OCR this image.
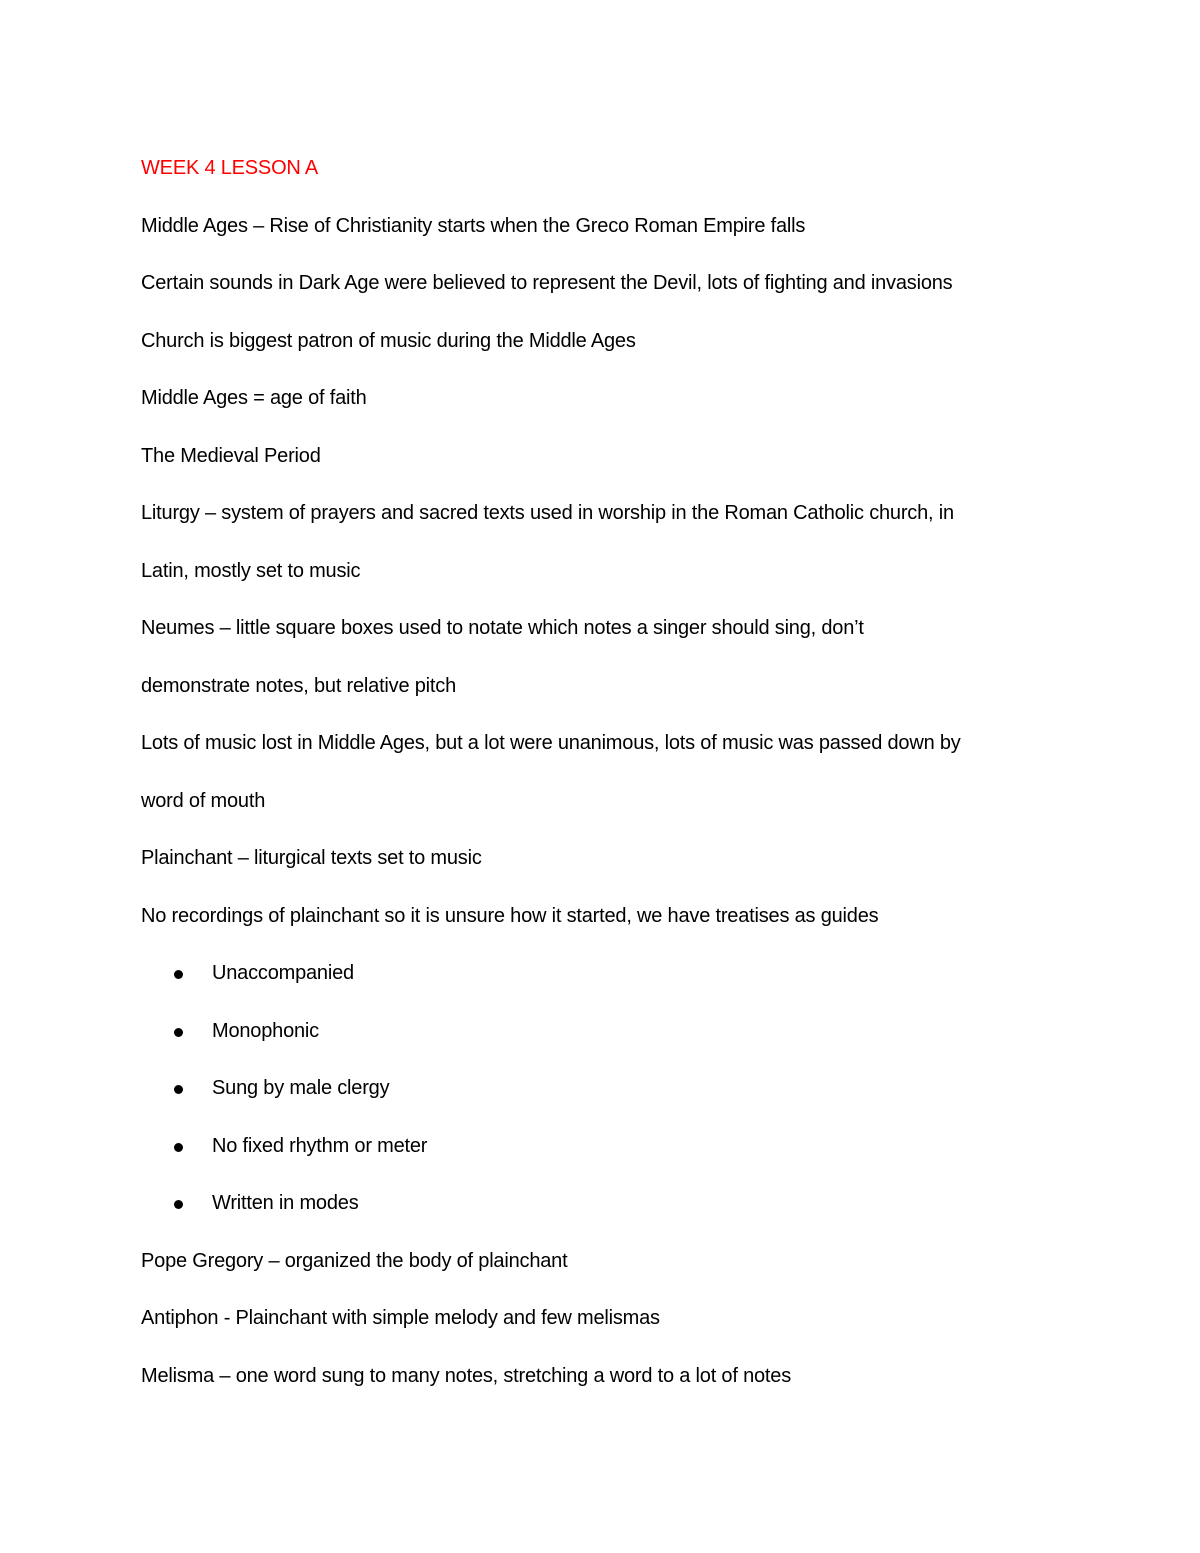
WEEK 4 LESSON A
Middle Ages – Rise of Christianity starts when the Greco Roman Empire falls
Certain sounds in Dark Age were believed to represent the Devil, lots of fighting and invasions
Church is biggest patron of music during the Middle Ages
Middle Ages = age of faith
The Medieval Period
Liturgy – system of prayers and sacred texts used in worship in the Roman Catholic church, in
Latin, mostly set to music
Neumes – little square boxes used to notate which notes a singer should sing, don’t
demonstrate notes, but relative pitch
Lots of music lost in Middle Ages, but a lot were unanimous, lots of music was passed down by
word of mouth
Plainchant – liturgical texts set to music
No recordings of plainchant so it is unsure how it started, we have treatises as guides
Unaccompanied
Monophonic
Sung by male clergy
No fixed rhythm or meter
Written in modes
Pope Gregory – organized the body of plainchant
Antiphon - Plainchant with simple melody and few melismas
Melisma – one word sung to many notes, stretching a word to a lot of notes
